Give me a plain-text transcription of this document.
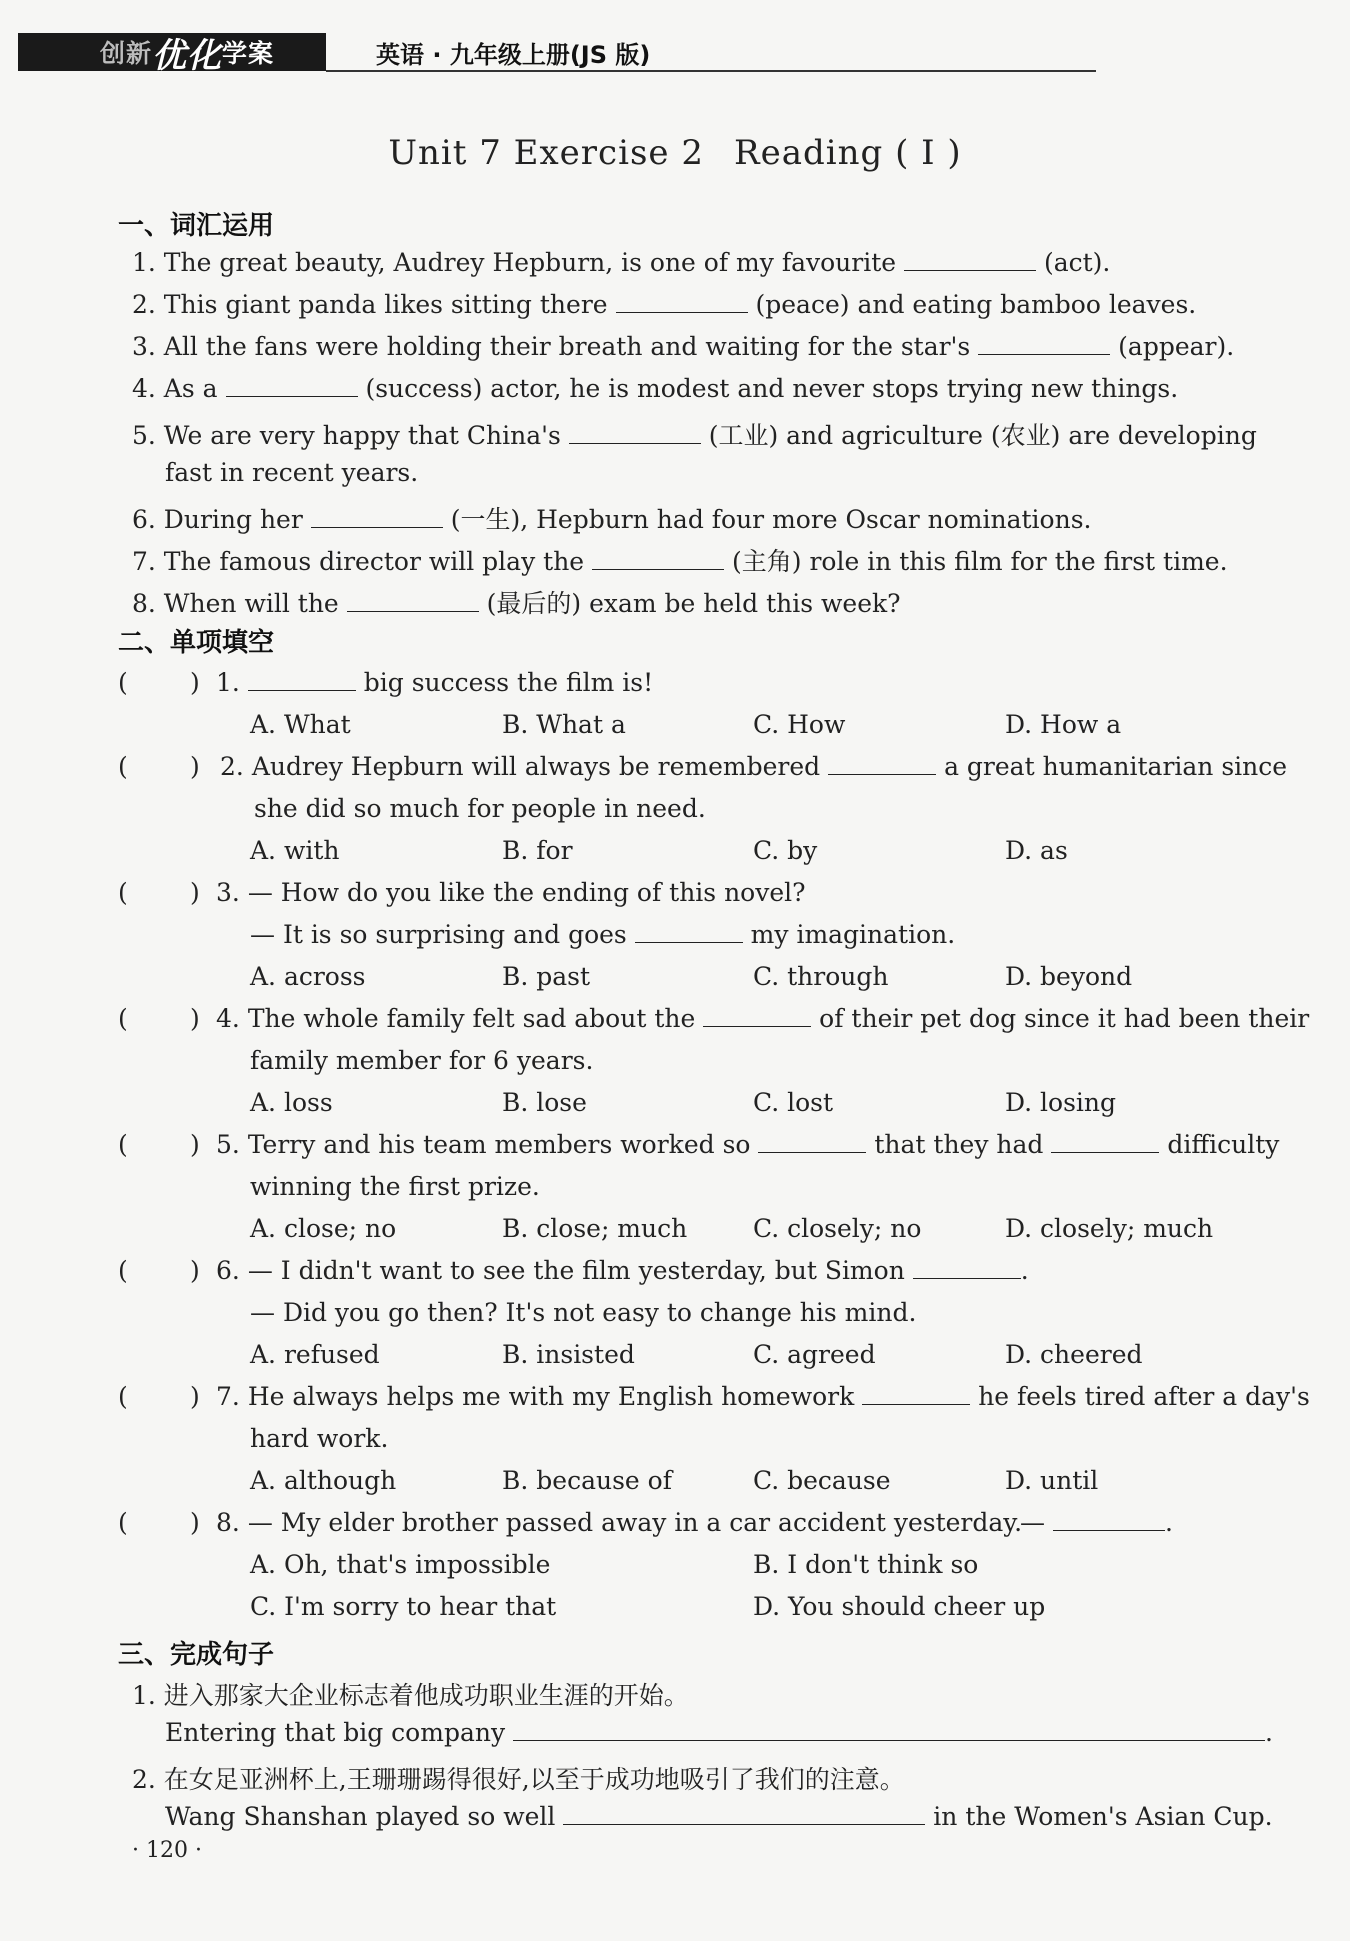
创新 优化 学案	英语 · 九年级上册(JS 版)
Unit 7 Exercise 2 Reading ( Ⅰ )
一、词汇运用
1. The great beauty, Audrey Hepburn, is one of my favourite	(act).
2. This giant panda likes sitting there	(peace) and eating bamboo leaves.
3. All the fans were holding their breath and waiting for the star's	(appear).
4. As a	(success) actor, he is modest and never stops trying new things.
5. We are very happy that China's	(工业) and agriculture (农业) are developing
fast in recent years.
6. During her	(一生), Hepburn had four more Oscar nominations.
7. The famous director will play the	(主角) role in this film for the first time.
8. When will the	(最后的) exam be held this week?
二、单项填空
( ) 1.	big success the film is!
A. What	B. What a	C. How	D. How a
( ) 2. Audrey Hepburn will always be remembered	a great humanitarian since
she did so much for people in need.
A. with	B. for	C. by	D. as
( ) 3. — How do you like the ending of this novel?
— It is so surprising and goes	my imagination.
A. across	B. past	C. through	D. beyond
( ) 4. The whole family felt sad about the	of their pet dog since it had been their
family member for 6 years.
A. loss	B. lose	C. lost	D. losing
( ) 5. Terry and his team members worked so	that they had	difficulty
winning the first prize.
A. close; no	B. close; much	C. closely; no	D. closely; much
( ) 6. — I didn't want to see the film yesterday, but Simon	.
— Did you go then? It's not easy to change his mind.
A. refused	B. insisted	C. agreed	D. cheered
( ) 7. He always helps me with my English homework	he feels tired after a day's
hard work.
A. although	B. because of	C. because	D. until
( ) 8. — My elder brother passed away in a car accident yesterday.
—	.
A. Oh, that's impossible	B. I don't think so
C. I'm sorry to hear that	D. You should cheer up
三、完成句子
1. 进入那家大企业标志着他成功职业生涯的开始。
Entering that big company	.
2. 在女足亚洲杯上,王珊珊踢得很好,以至于成功地吸引了我们的注意。
Wang Shanshan played so well	in the Women's Asian Cup.
· 120 ·
